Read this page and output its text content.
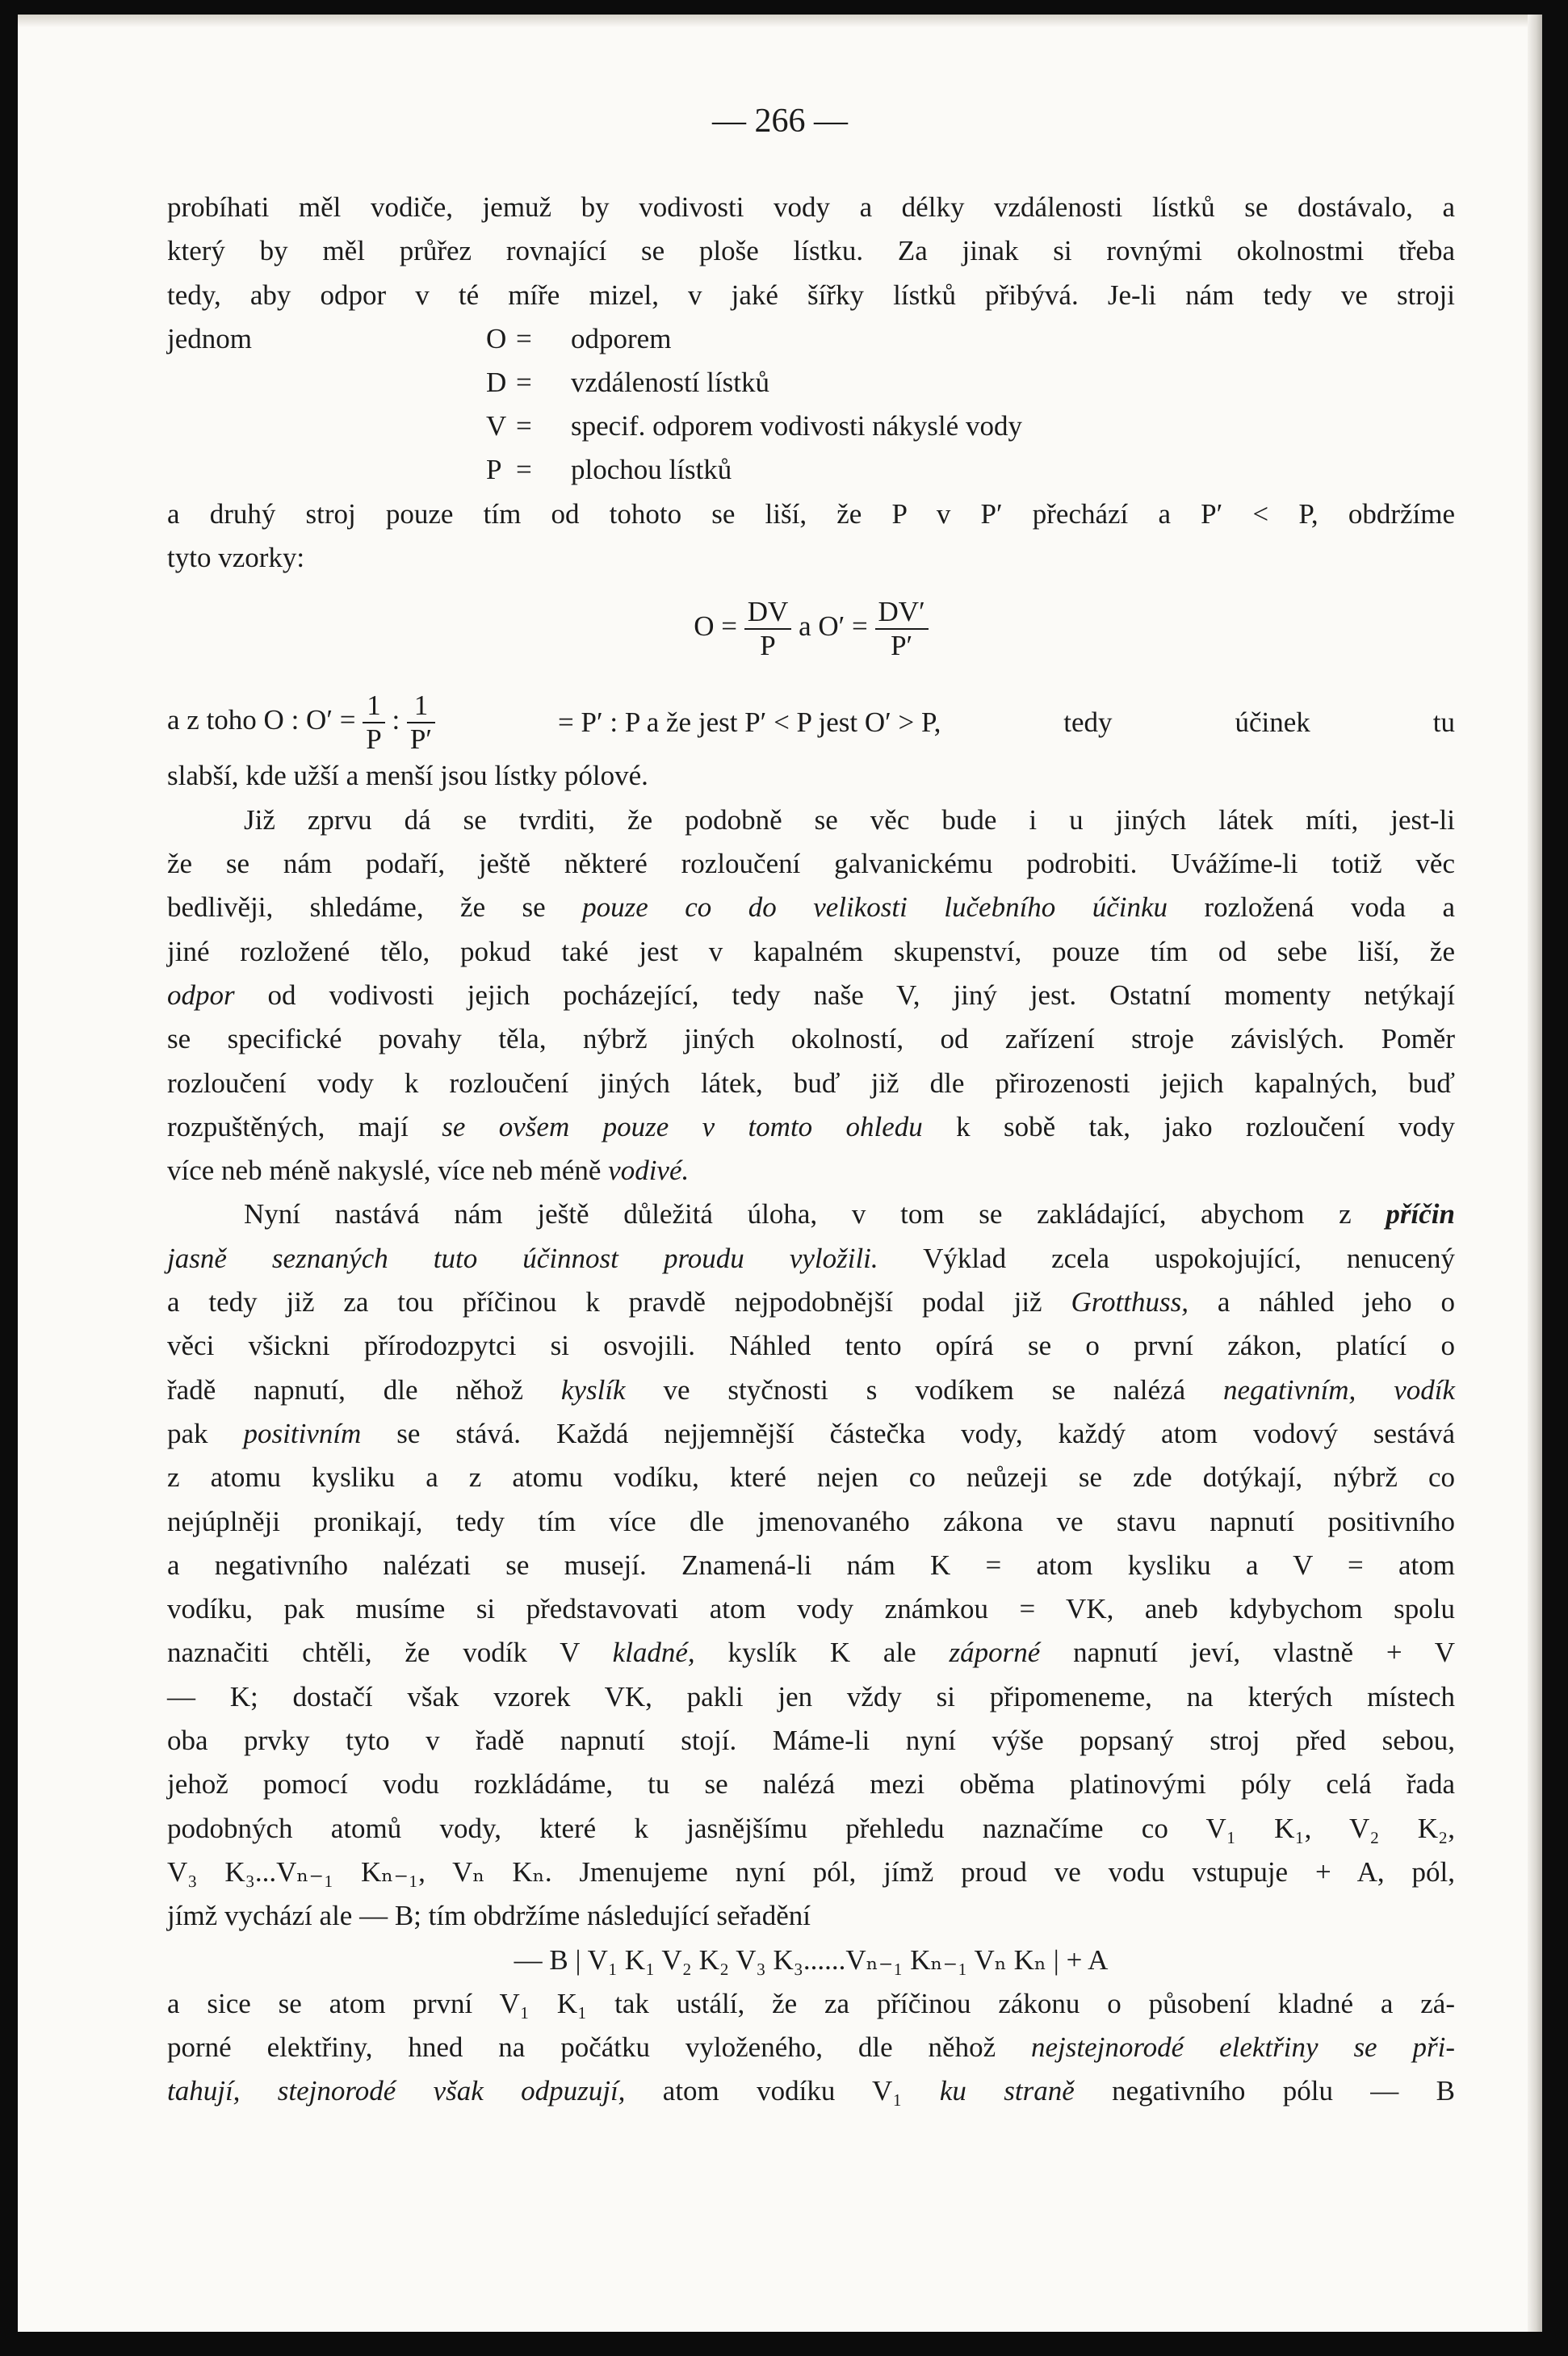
— 266 —
probíhati měl vodiče, jemuž by vodivosti vody a délky vzdálenosti lístků se dostávalo, a
který by měl průřez rovnající se ploše lístku. Za jinak si rovnými okolnostmi třeba
tedy, aby odpor v té míře mizel, v jaké šířky lístků přibývá. Je-li nám tedy ve stroji
jednom	O = odporem
D = vzdáleností lístků
V = specif. odporem vodivosti nákyslé vody
P = plochou lístků
a druhý stroj pouze tím od tohoto se liší, že P v P′ přechází a P′ < P, obdržíme
tyto vzorky:
$O = \frac{DV}{P}$ a $O' = \frac{DV'}{P'}$
a z toho O : $O' = \frac{1}{P}$ : $\frac{1}{P'}$	= P′ : P a že jest P′ < P jest O′ > P,	tedy	účinek	tu
slabší, kde užší a menší jsou lístky pólové.
Již zprvu dá se tvrditi, že podobně se věc bude i u jiných látek míti, jest-li
že se nám podaří, ještě některé rozloučení galvanickému podrobiti. Uvážíme-li totiž věc
bedlivěji, shledáme, že se pouze co do velikosti lučebního účinku rozložená voda a
jiné rozložené tělo, pokud také jest v kapalném skupenství, pouze tím od sebe liší, že
odpor od vodivosti jejich pocházející, tedy naše V, jiný jest. Ostatní momenty netýkají
se specifické povahy těla, nýbrž jiných okolností, od zařízení stroje závislých. Poměr
rozloučení vody k rozloučení jiných látek, buď již dle přirozenosti jejich kapalných, buď
rozpuštěných, mají se ovšem pouze v tomto ohledu k sobě tak, jako rozloučení vody
více neb méně nakyslé, více neb méně vodivé.
Nyní nastává nám ještě důležitá úloha, v tom se zakládající, abychom z příčin
jasně seznaných tuto účinnost proudu vyložili. Výklad zcela uspokojující, nenucený
a tedy již za tou příčinou k pravdě nejpodobnější podal již Grotthuss, a náhled jeho o
věci všickni přírodozpytci si osvojili. Náhled tento opírá se o první zákon, platící o
řadě napnutí, dle něhož kyslík ve styčnosti s vodíkem se nalézá negativním, vodík
pak positivním se stává. Každá nejjemnější částečka vody, každý atom vodový sestává
z atomu kysliku a z atomu vodíku, které nejen co neůzeji se zde dotýkají, nýbrž co
nejúplněji pronikají, tedy tím více dle jmenovaného zákona ve stavu napnutí positivního
a negativního nalézati se musejí. Znamená-li nám K = atom kysliku a V = atom
vodíku, pak musíme si představovati atom vody známkou = VK, aneb kdybychom spolu
naznačiti chtěli, že vodík V kladné, kyslík K ale záporné napnutí jeví, vlastně + V
— K; dostačí však vzorek VK, pakli jen vždy si připomeneme, na kterých místech
oba prvky tyto v řadě napnutí stojí. Máme-li nyní výše popsaný stroj před sebou,
jehož pomocí vodu rozkládáme, tu se nalézá mezi oběma platinovými póly celá řada
podobných atomů vody, které k jasnějšímu přehledu naznačíme co V₁ K₁, V₂ K₂,
V₃ K₃...Vₙ₋₁ Kₙ₋₁, Vₙ Kₙ. Jmenujeme nyní pól, jímž proud ve vodu vstupuje + A, pól,
jímž vychází ale — B; tím obdržíme následující seřadění
— B | V₁ K₁ V₂ K₂ V₃ K₃......Vₙ₋₁ Kₙ₋₁ Vₙ Kₙ | + A
a sice se atom první V₁ K₁ tak ustálí, že za příčinou zákonu o působení kladné a zá-
porné elektřiny, hned na počátku vyloženého, dle něhož nejstejnorodé elektřiny se při-
tahují, stejnorodé však odpuzují, atom vodíku V₁ ku straně negativního pólu — B
